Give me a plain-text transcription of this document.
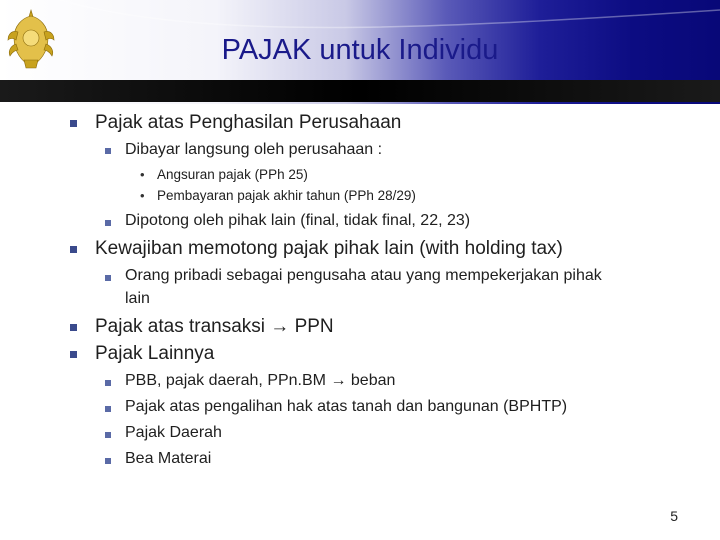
PAJAK untuk Individu
Pajak atas Penghasilan Perusahaan
Dibayar langsung oleh perusahaan :
• Angsuran pajak (PPh 25)
• Pembayaran pajak akhir tahun (PPh 28/29)
Dipotong oleh pihak lain (final, tidak final, 22, 23)
Kewajiban memotong pajak pihak lain (with holding tax)
Orang pribadi sebagai pengusaha atau yang mempekerjakan pihak
lain
Pajak atas transaksi → PPN
Pajak Lainnya
PBB, pajak daerah, PPn.BM → beban
Pajak atas pengalihan hak atas tanah dan bangunan (BPHTP)
Pajak Daerah
Bea Materai
5
